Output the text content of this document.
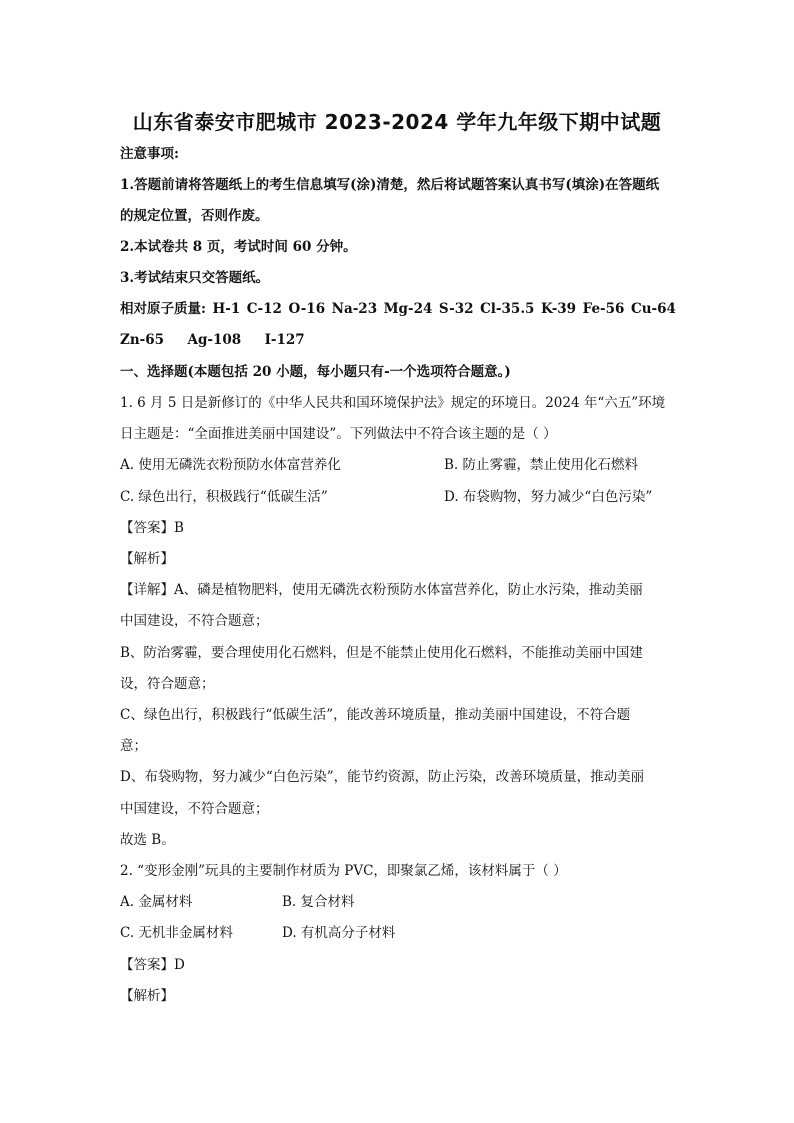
山东省泰安市肥城市 2023-2024 学年九年级下期中试题
注意事项:
1.答题前请将答题纸上的考生信息填写(涂)清楚，然后将试题答案认真书写(填涂)在答题纸
的规定位置，否则作废。
2.本试卷共 8 页，考试时间 60 分钟。
3.考试结束只交答题纸。
相对原子质量: H-1 C-12 O-16 Na-23 Mg-24 S-32 Cl-35.5 K-39 Fe-56 Cu-64
Zn-65 Ag-108 I-127
一、选择题(本题包括 20 小题，每小题只有-一个选项符合题意。)
1. 6 月 5 日是新修订的《中华人民共和国环境保护法》规定的环境日。2024 年“六五”环境
日主题是：“全面推进美丽中国建设”。下列做法中不符合该主题的是（ ）
A. 使用无磷洗衣粉预防水体富营养化	B. 防止雾霾，禁止使用化石燃料
C. 绿色出行，积极践行“低碳生活”	D. 布袋购物，努力减少“白色污染”
【答案】B
【解析】
【详解】A、磷是植物肥料，使用无磷洗衣粉预防水体富营养化，防止水污染，推动美丽
中国建设，不符合题意；
B、防治雾霾，要合理使用化石燃料，但是不能禁止使用化石燃料，不能推动美丽中国建
设，符合题意；
C、绿色出行，积极践行“低碳生活”，能改善环境质量，推动美丽中国建设，不符合题
意；
D、布袋购物，努力减少“白色污染”，能节约资源，防止污染，改善环境质量，推动美丽
中国建设，不符合题意；
故选 B。
2. “变形金刚”玩具的主要制作材质为 PVC，即聚氯乙烯，该材料属于（ ）
A. 金属材料	B. 复合材料
C. 无机非金属材料	D. 有机高分子材料
【答案】D
【解析】
